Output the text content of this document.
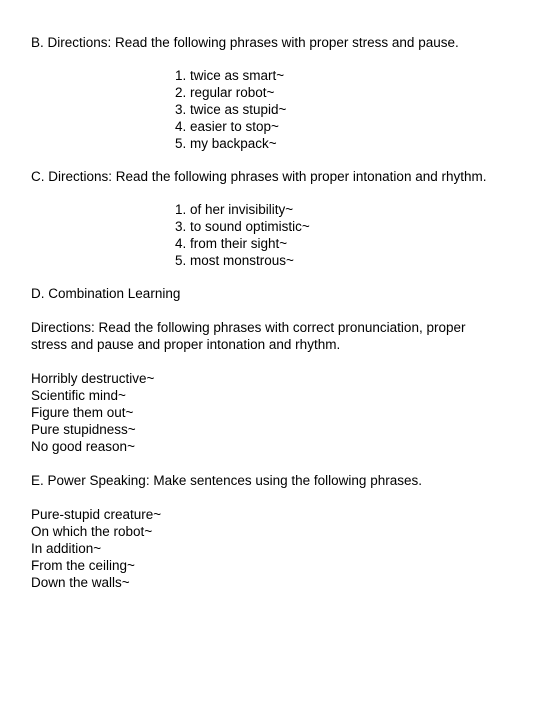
B. Directions: Read the following phrases with proper stress and pause.

1. twice as smart~
2. regular robot~
3. twice as stupid~
4. easier to stop~
5. my backpack~

C. Directions: Read the following phrases with proper intonation and rhythm.

1. of her invisibility~
3. to sound optimistic~
4. from their sight~
5. most monstrous~

D. Combination Learning

Directions: Read the following phrases with correct pronunciation, proper stress and pause and proper intonation and rhythm.

Horribly destructive~
Scientific mind~
Figure them out~
Pure stupidness~
No good reason~

E. Power Speaking: Make sentences using the following phrases.

Pure-stupid creature~
On which the robot~
In addition~
From the ceiling~
Down the walls~
